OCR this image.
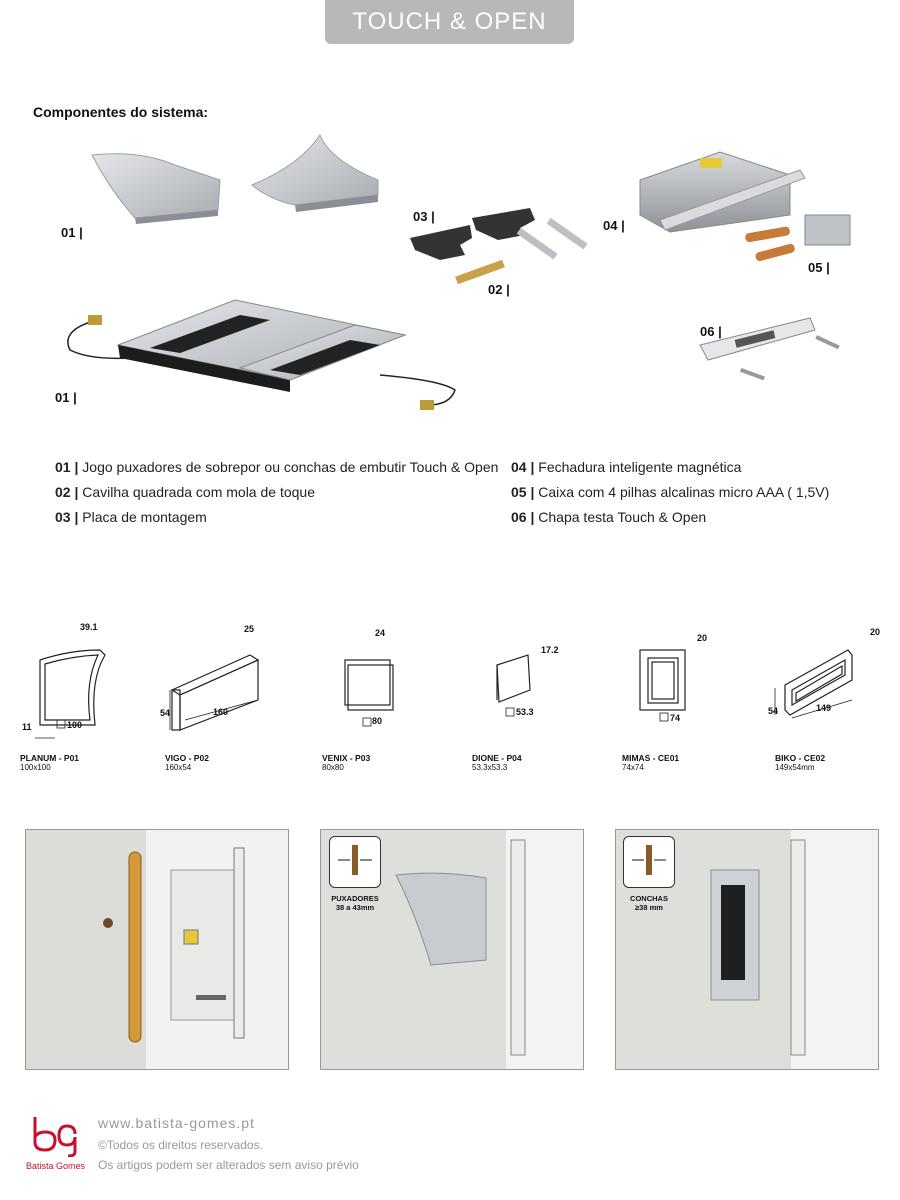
TOUCH & OPEN
Componentes do sistema:
01 |
01 |
02 |
03 |
04 |
05 |
06 |
01 | Jogo puxadores de sobrepor ou conchas de embutir Touch & Open
02 | Cavilha quadrada com mola de toque
03 | Placa de montagem
04 | Fechadura inteligente magnética
05 | Caixa com 4 pilhas alcalinas micro AAA ( 1,5V)
06 | Chapa testa Touch & Open
39.1
11	100
25
54	160
24
80
17.2
53.3
20
74
20
54	149
PLANUM - P01
100x100
VIGO - P02
160x54
VENIX - P03
80x80
DIONE - P04
53.3x53.3
MIMAS - CE01
74x74
BIKO - CE02
149x54mm
PUXADORES
38 a 43mm
CONCHAS
≥38 mm
Batista Gomes
www.batista-gomes.pt
©Todos os direitos reservados.
Os artigos podem ser alterados sem aviso prévio
